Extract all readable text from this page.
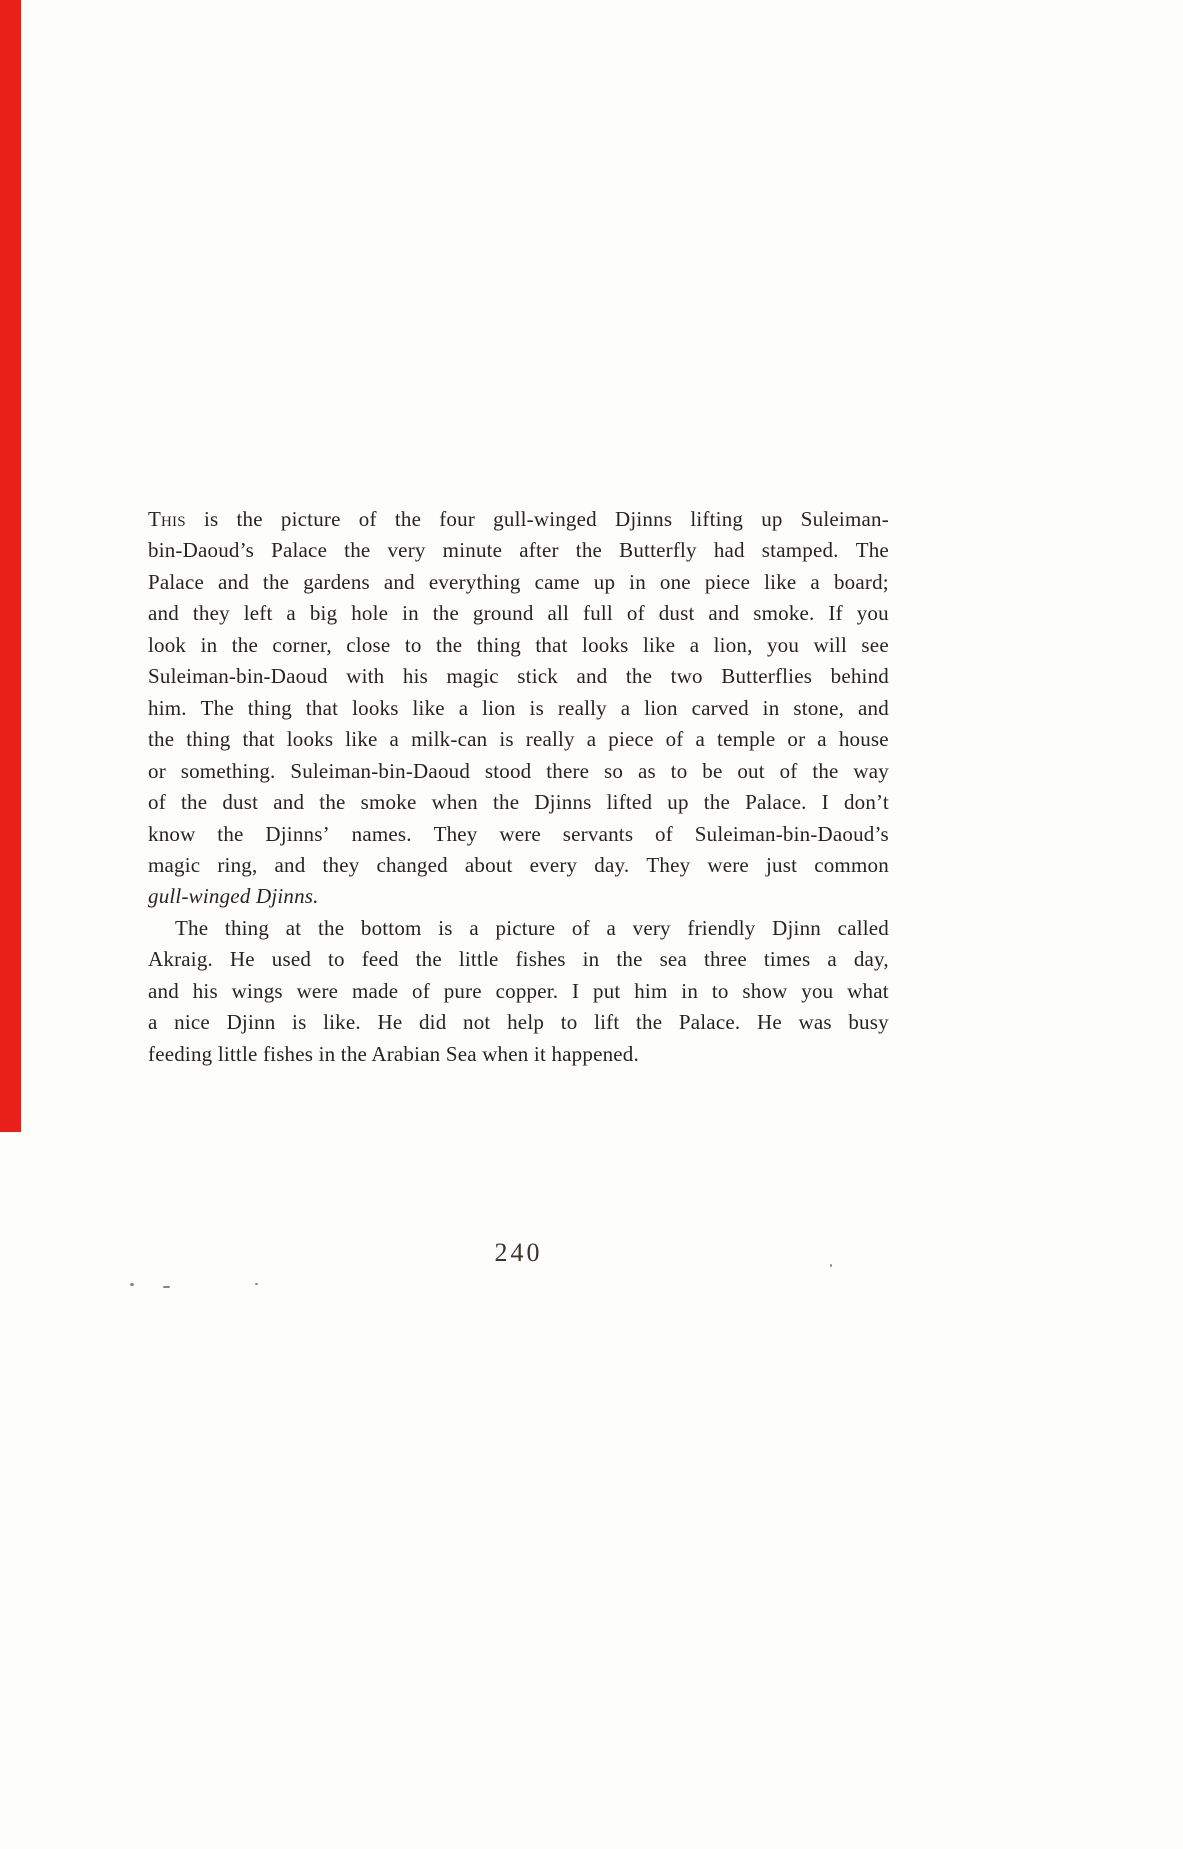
This is the picture of the four gull-winged Djinns lifting up Suleiman-
bin-Daoud’s Palace the very minute after the Butterfly had stamped. The
Palace and the gardens and everything came up in one piece like a board;
and they left a big hole in the ground all full of dust and smoke. If you
look in the corner, close to the thing that looks like a lion, you will see
Suleiman-bin-Daoud with his magic stick and the two Butterflies behind
him. The thing that looks like a lion is really a lion carved in stone, and
the thing that looks like a milk-can is really a piece of a temple or a house
or something. Suleiman-bin-Daoud stood there so as to be out of the way
of the dust and the smoke when the Djinns lifted up the Palace. I don’t
know the Djinns’ names. They were servants of Suleiman-bin-Daoud’s
magic ring, and they changed about every day. They were just common
gull-winged Djinns.
The thing at the bottom is a picture of a very friendly Djinn called
Akraig. He used to feed the little fishes in the sea three times a day,
and his wings were made of pure copper. I put him in to show you what
a nice Djinn is like. He did not help to lift the Palace. He was busy
feeding little fishes in the Arabian Sea when it happened.
240
